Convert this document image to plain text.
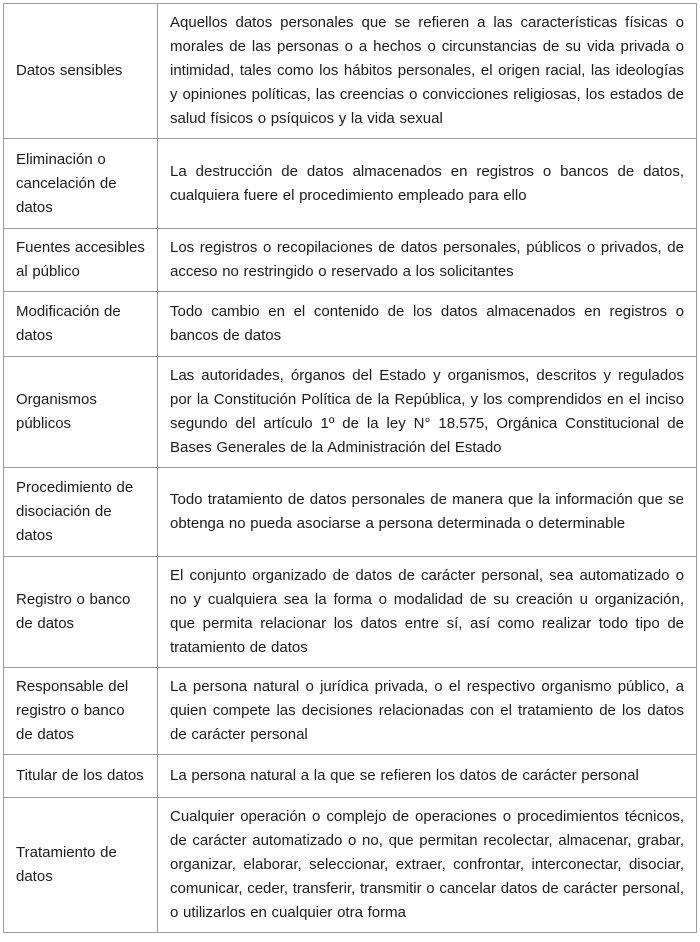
Datos sensibles	Aquellos datos personales que se refieren a las características físicas o morales de las personas o a hechos o circunstancias de su vida privada o intimidad, tales como los hábitos personales, el origen racial, las ideologías y opiniones políticas, las creencias o convicciones religiosas, los estados de salud físicos o psíquicos y la vida sexual
Eliminación o cancelación de datos	La destrucción de datos almacenados en registros o bancos de datos, cualquiera fuere el procedimiento empleado para ello
Fuentes accesibles al público	Los registros o recopilaciones de datos personales, públicos o privados, de acceso no restringido o reservado a los solicitantes
Modificación de datos	Todo cambio en el contenido de los datos almacenados en registros o bancos de datos
Organismos públicos	Las autoridades, órganos del Estado y organismos, descritos y regulados por la Constitución Política de la República, y los comprendidos en el inciso segundo del artículo 1º de la ley N° 18.575, Orgánica Constitucional de Bases Generales de la Administración del Estado
Procedimiento de disociación de datos	Todo tratamiento de datos personales de manera que la información que se obtenga no pueda asociarse a persona determinada o determinable
Registro o banco de datos	El conjunto organizado de datos de carácter personal, sea automatizado o no y cualquiera sea la forma o modalidad de su creación u organización, que permita relacionar los datos entre sí, así como realizar todo tipo de tratamiento de datos
Responsable del registro o banco de datos	La persona natural o jurídica privada, o el respectivo organismo público, a quien compete las decisiones relacionadas con el tratamiento de los datos de carácter personal
Titular de los datos	La persona natural a la que se refieren los datos de carácter personal
Tratamiento de datos	Cualquier operación o complejo de operaciones o procedimientos técnicos, de carácter automatizado o no, que permitan recolectar, almacenar, grabar, organizar, elaborar, seleccionar, extraer, confrontar, interconectar, disociar, comunicar, ceder, transferir, transmitir o cancelar datos de carácter personal, o utilizarlos en cualquier otra forma
